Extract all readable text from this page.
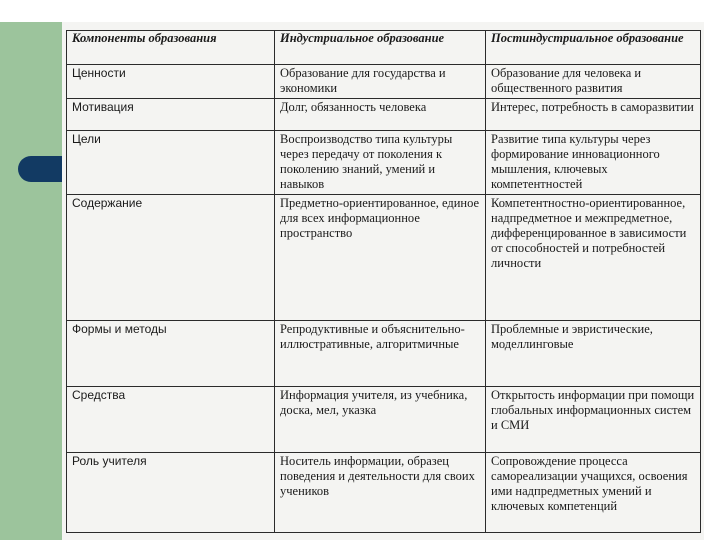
Компоненты образования	Индустриальное образование	Постиндустриальное образование
Ценности	Образование для государства и экономики	Образование для человека и общественного развития
Мотивация	Долг, обязанность человека	Интерес, потребность в саморазвитии
Цели	Воспроизводство типа культуры через передачу от поколения к поколению знаний, умений и навыков	Развитие типа культуры через формирование инновационного мышления, ключевых компетентностей
Содержание	Предметно-ориентированное, единое для всех информационное пространство	Компетентностно-ориентированное, надпредметное и межпредметное, дифференцированное в зависимости от способностей и потребностей личности
Формы и методы	Репродуктивные и объяснительно-иллюстративные, алгоритмичные	Проблемные и эвристические, моделлинговые
Средства	Информация учителя, из учебника, доска, мел, указка	Открытость информации при помощи глобальных информационных систем и СМИ
Роль учителя	Носитель информации, образец поведения и деятельности для своих учеников	Сопровождение процесса самореализации учащихся, освоения ими надпредметных умений и ключевых компетенций
